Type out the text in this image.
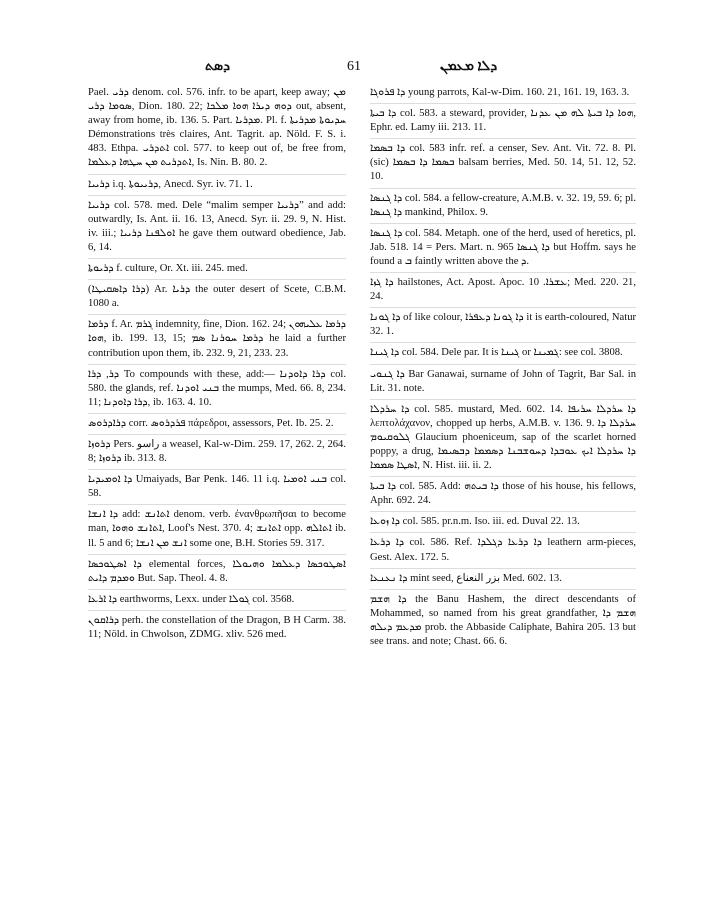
ܕܣܬ	61	ܕܠܐ ܡܥܡܢ

Pael. ܕܪܝ denom. col. 576. infr. to be apart, keep away; ܡܢ ܣܘܡܐ ܕܪܝ, Dion. 180. 22; ܕܘܗ ܕܝܪܐ ܗܘܐ ܡܠܟܐ out, absent, away from home, ib. 136. 5. Part. ܡܕܪܝܐ. Pl. f. ܚܕܝܘܬܐ ܡܕܪܝܬܐ Démonstrations très claires, Ant. Tagrit. ap. Nöld. F. S. i. 483. Ethpa. ܐܬܕܪܝ col. 577. to keep out of, be free from, ܐܬܕܪܝܬ ܡܢ ܚܛܗܐ ܕܥܠܡܐ, Is. Nin. B. 80. 2.

ܕܪܝܝܐ i.q. ܕܪܝܝܘܬܐ, Anecd. Syr. iv. 71. 1.

ܕܪܝܝܐ col. 578. med. Dele “malim semper ܕܪܝܝܐ” and add: outwardly, Is. Ant. ii. 16. 13, Anecd. Syr. ii. 29. 9, N. Hist. iv. iii.; ܐܘܠܦܢܐ ܕܪܝܝܐ he gave them outward obedience, Jab. 6, 14.

ܕܪܝܘܬܐ f. culture, Or. Xt. iii. 245. med.

(ܕܪܐ ܕܐܣܩܝܛܐ) Ar. ܕܪܝܐ the outer desert of Scete, C.B.M. 1080 a.

ܕܪܡܐ f. Ar. ܓܪܡ indemnity, fine, Dion. 162. 24; ܕܪܡܐ ܥܠܝܗܘܢ ܗܘܐ, ib. 199. 13, 15; ܕܪܡܐ ܚܘܪܢܐ ܣܡ he laid a further contribution upon them, ib. 232. 9, 21, 233. 23.

ܕܪ, ܕܪܐ To compounds with these, add:— ܕܪܐ ܕܐܘܕܢܐ col. 580. the glands, ref. ܒܢܝ ܐܘܕܢܐ the mumps, Med. 66. 8, 234. 11; ܕܪܐ ܕܐܘܕܢܐ, ib. 163. 4. 10.

ܕܪܐܕܪܘܣ corr. ܦܪܕܪܘܣ πάρεδροι, assessors, Pet. Ib. 25. 2.

ܕܪܘܙܐ Pers. راسو a weasel, Kal-w-Dim. 259. 17, 262. 2, 264. 8; ܕܪܘܙܐ ib. 313. 8.

ܕܐ ܐܘܡܝܕܝܐ Umaiyads, Bar Penk. 146. 11 i.q. ܒܢܝ ܐܘܡܝܐ col. 58.

ܕܐ ܐܢܫܐ add: ܐܬܐܢܫ denom. verb. ἐνανθρωπῆσαι to become man, ܐܬܐܢܫ ܘܗܘܐ, Loof's Nest. 370. 4; ܐܬܐܢܫ opp. ܐܬܐܠܗ ib. ll. 5 and 6; ܐܢܫ ܡܢ ܐܢܫܐ some one, B.H. Stories 59. 317.

ܕܐ ܐܣܛܘܟܣܐ elemental forces, ܐܣܛܘܟܣܐ ܕܥܠܡܐ ܘܗܝܘܠܐ ܘܡܕܡ ܕܐܝܬ But. Sap. Theol. 4. 8.

ܕܐ ܐܪܥܐ earthworms, Lexx. under ܓܘܠܐ col. 3568.

ܕܪܐܩܘܢ perh. the constellation of the Dragon, B H Carm. 38. 11; Nöld. in Chwolson, ZDMG. xliv. 526 med.

ܕܐ ܦܪܘܓܐ young parrots, Kal-w-Dim. 160. 21, 161. 19, 163. 3.

ܕܐ ܒܝܬܐ col. 583. a steward, provider, ܗܘܐ ܕܐ ܒܝܬܐ ܠܗ ܡܢ ܥܕܢܐ, Ephr. ed. Lamy iii. 213. 11.

ܕܐ ܒܣܡܐ col. 583 infr. ref. a censer, Sev. Ant. Vit. 72. 8. Pl. (sic) ܒܣܡܐ ܕܐ ܒܣܡܐ balsam berries, Med. 50. 14, 51. 12, 52. 10.

ܕܐ ܓܢܣܐ col. 584. a fellow-creature, A.M.B. v. 32. 19, 59. 6; pl. ܕܐ ܓܢܣܐ mankind, Philox. 9.

ܕܐ ܓܢܣܐ col. 584. Metaph. one of the herd, used of heretics, pl. Jab. 518. 14 = Pers. Mart. n. 965 ܕܐ ܓܢܣܐ but Hoffm. says he found a ܒ faintly written above the ܕ.

ܕܐ ܓܙܐ hailstones, Act. Apost. Apoc. ܥܫܪܐ. 10; Med. 220. 21, 24.

ܕܐ ܓܘܢܐ of like colour, ܕܐ ܓܘܢܐ ܕܥܦܪܐ it is earth-coloured, Natur 32. 1.

ܕܐ ܓܝܢܐ col. 584. Dele par. It is ܓܝܢܐ or ܓܡܝܢܐ: see col. 3808.

ܕܐ ܓܢܘܝ Bar Ganawai, surname of John of Tagrit, Bar Sal. in Lit. 31. note.

ܕܐ ܚܪܕܠܐ col. 585. mustard, Med. 602. 14. ܕܐ ܚܪܕܠܐ ܚܪܝܦܐ λεπτολάχανον, chopped up herbs, A.M.B. v. 136. 9. ܚܪܕܠܐ ܕܐ ܓܠܘܩܝܘܡ Glaucium phoeniceum, sap of the scarlet horned poppy, a drug, ܕܐ ܚܪܕܠܐ ܐܝܟ ܥܘܒܕܐ ܕܚܘܫܒܢܐ ܕܣܡܡܐ ܕܒܣܝܡܐ ܐܣܛܐ ܣܡܡܐ, N. Hist. iii. ii. 2.

ܕܐ ܒܝܬܐ col. 585. Add: ܕܐ ܒܝܬܗ those of his house, his fellows, Aphr. 692. 24.

ܕܐ ܙܘܥܐ col. 585. pr.n.m. Iso. iii. ed. Duval 22. 13.

ܕܐ ܕܪܥܐ col. 586. Ref. ܕܐ ܕܪܥܐ ܕܓܠܕܐ leathern arm-pieces, Gest. Alex. 172. 5.

ܕܐ ܢܥܢܥܐ mint seed, بزر النعناع Med. 602. 13.

ܕܐ ܗܫܡ the Banu Hashem, the direct descendants of Mohammed, so named from his great grandfather, ܗܫܡ ܕܐ ܡܕܥܡ ܕܝܠܗ prob. the Abbaside Caliphate, Bahira 205. 13 but see trans. and note; Chast. 66. 6.
